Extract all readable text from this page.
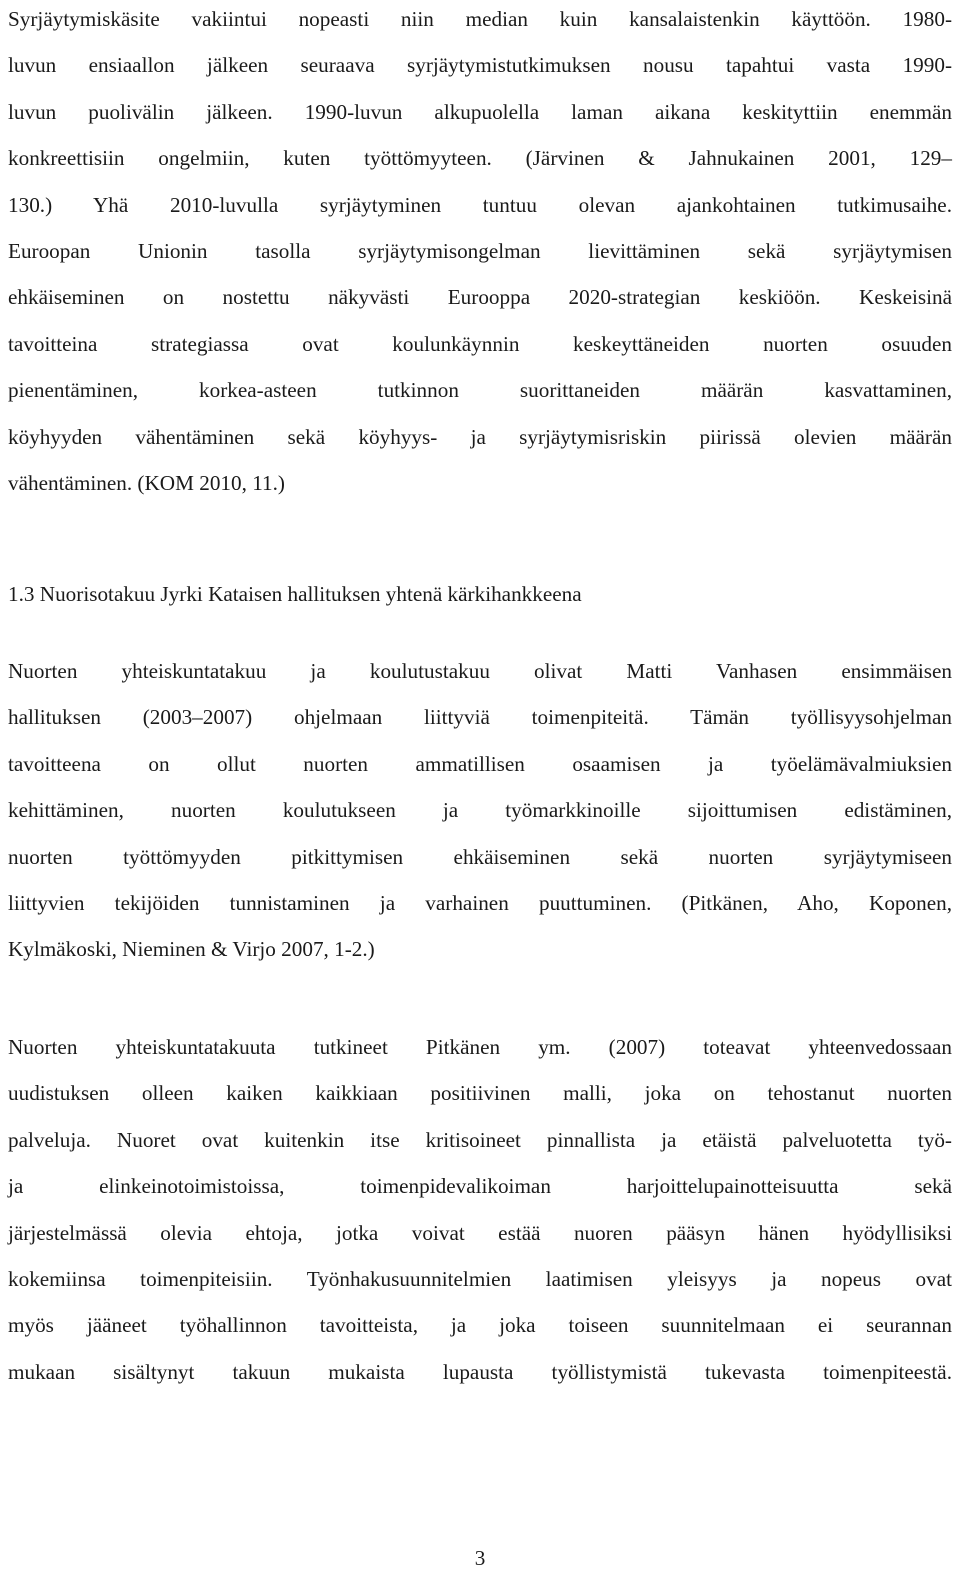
Syrjäytymiskäsite vakiintui nopeasti niin median kuin kansalaistenkin käyttöön. 1980-
luvun ensiaallon jälkeen seuraava syrjäytymistutkimuksen nousu tapahtui vasta 1990-
luvun puolivälin jälkeen. 1990-luvun alkupuolella laman aikana keskityttiin enemmän
konkreettisiin ongelmiin, kuten työttömyyteen. (Järvinen & Jahnukainen 2001, 129–
130.) Yhä 2010-luvulla syrjäytyminen tuntuu olevan ajankohtainen tutkimusaihe.
Euroopan Unionin tasolla syrjäytymisongelman lievittäminen sekä syrjäytymisen
ehkäiseminen on nostettu näkyvästi Eurooppa 2020-strategian keskiöön. Keskeisinä
tavoitteina strategiassa ovat koulunkäynnin keskeyttäneiden nuorten osuuden
pienentäminen, korkea-asteen tutkinnon suorittaneiden määrän kasvattaminen,
köyhyyden vähentäminen sekä köyhyys- ja syrjäytymisriskin piirissä olevien määrän
vähentäminen. (KOM 2010, 11.)
1.3 Nuorisotakuu Jyrki Kataisen hallituksen yhtenä kärkihankkeena
Nuorten yhteiskuntatakuu ja koulutustakuu olivat Matti Vanhasen ensimmäisen
hallituksen (2003–2007) ohjelmaan liittyviä toimenpiteitä. Tämän työllisyysohjelman
tavoitteena on ollut nuorten ammatillisen osaamisen ja työelämävalmiuksien
kehittäminen, nuorten koulutukseen ja työmarkkinoille sijoittumisen edistäminen,
nuorten työttömyyden pitkittymisen ehkäiseminen sekä nuorten syrjäytymiseen
liittyvien tekijöiden tunnistaminen ja varhainen puuttuminen. (Pitkänen, Aho, Koponen,
Kylmäkoski, Nieminen & Virjo 2007, 1-2.)
Nuorten yhteiskuntatakuuta tutkineet Pitkänen ym. (2007) toteavat yhteenvedossaan
uudistuksen olleen kaiken kaikkiaan positiivinen malli, joka on tehostanut nuorten
palveluja. Nuoret ovat kuitenkin itse kritisoineet pinnallista ja etäistä palveluotetta työ-
ja elinkeinotoimistoissa, toimenpidevalikoiman harjoittelupainotteisuutta sekä
järjestelmässä olevia ehtoja, jotka voivat estää nuoren pääsyn hänen hyödyllisiksi
kokemiinsa toimenpiteisiin. Työnhakusuunnitelmien laatimisen yleisyys ja nopeus ovat
myös jääneet työhallinnon tavoitteista, ja joka toiseen suunnitelmaan ei seurannan
mukaan sisältynyt takuun mukaista lupausta työllistymistä tukevasta toimenpiteestä.

3
